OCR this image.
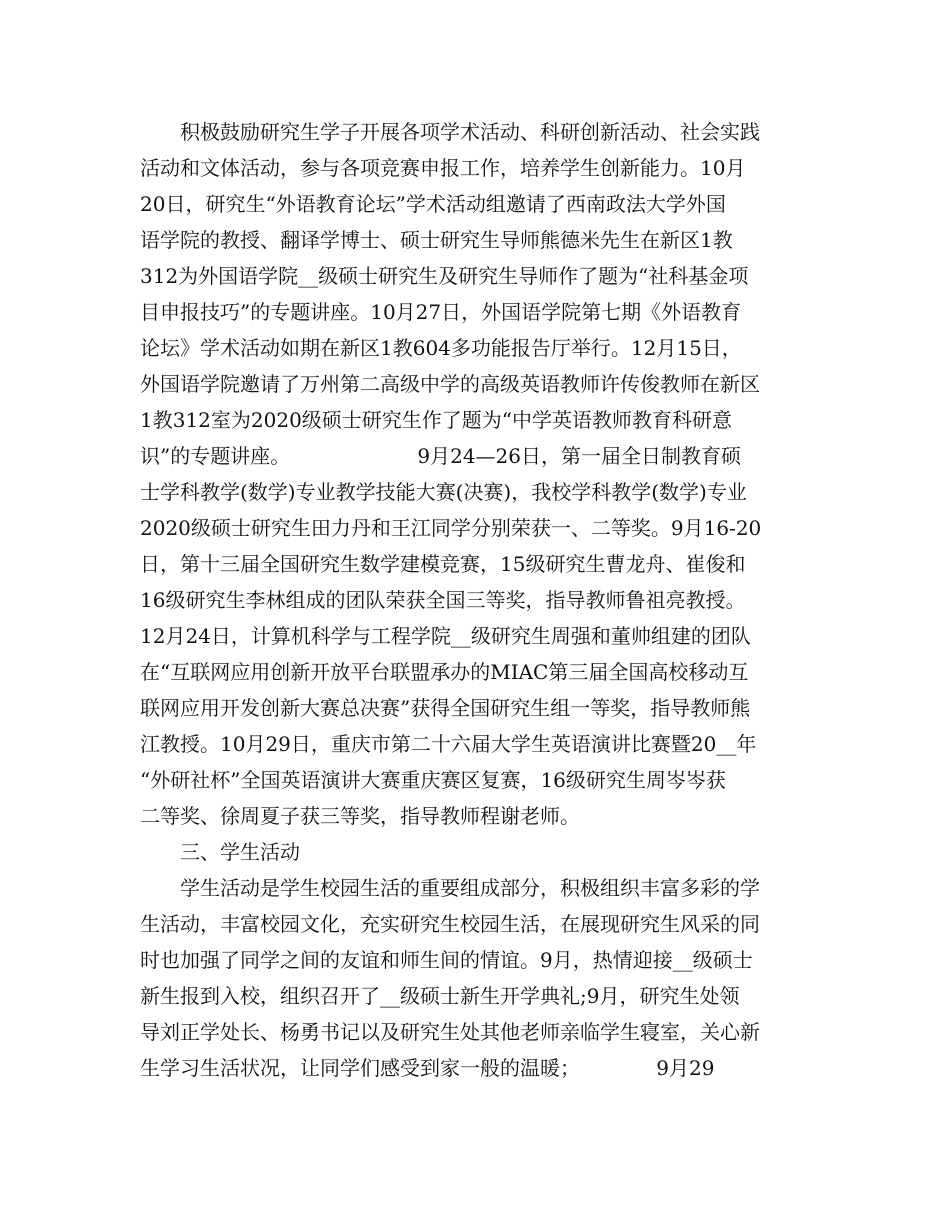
　　积极鼓励研究生学子开展各项学术活动、科研创新活动、社会实践
活动和文体活动，参与各项竞赛申报工作，培养学生创新能力。10月
20日，研究生“外语教育论坛”学术活动组邀请了西南政法大学外国
语学院的教授、翻译学博士、硕士研究生导师熊德米先生在新区1教
312为外国语学院__级硕士研究生及研究生导师作了题为“社科基金项
目申报技巧”的专题讲座。10月27日，外国语学院第七期《外语教育
论坛》学术活动如期在新区1教604多功能报告厅举行。12月15日，
外国语学院邀请了万州第二高级中学的高级英语教师许传俊教师在新区
1教312室为2020级硕士研究生作了题为“中学英语教师教育科研意
识”的专题讲座。                    9月24—26日，第一届全日制教育硕
士学科教学(数学)专业教学技能大赛(决赛)，我校学科教学(数学)专业
2020级硕士研究生田力丹和王江同学分别荣获一、二等奖。9月16-20
日，第十三届全国研究生数学建模竞赛，15级研究生曹龙舟、崔俊和
16级研究生李林组成的团队荣获全国三等奖，指导教师鲁祖亮教授。
12月24日，计算机科学与工程学院__级研究生周强和董帅组建的团队
在“互联网应用创新开放平台联盟承办的MIAC第三届全国高校移动互
联网应用开发创新大赛总决赛”获得全国研究生组一等奖，指导教师熊
江教授。10月29日，重庆市第二十六届大学生英语演讲比赛暨20__年
“外研社杯”全国英语演讲大赛重庆赛区复赛，16级研究生周岑岑获
二等奖、徐周夏子获三等奖，指导教师程谢老师。
　　三、学生活动
　　学生活动是学生校园生活的重要组成部分，积极组织丰富多彩的学
生活动，丰富校园文化，充实研究生校园生活，在展现研究生风采的同
时也加强了同学之间的友谊和师生间的情谊。9月，热情迎接__级硕士
新生报到入校，组织召开了__级硕士新生开学典礼;9月，研究生处领
导刘正学处长、杨勇书记以及研究生处其他老师亲临学生寝室，关心新
生学习生活状况，让同学们感受到家一般的温暖；            9月29
